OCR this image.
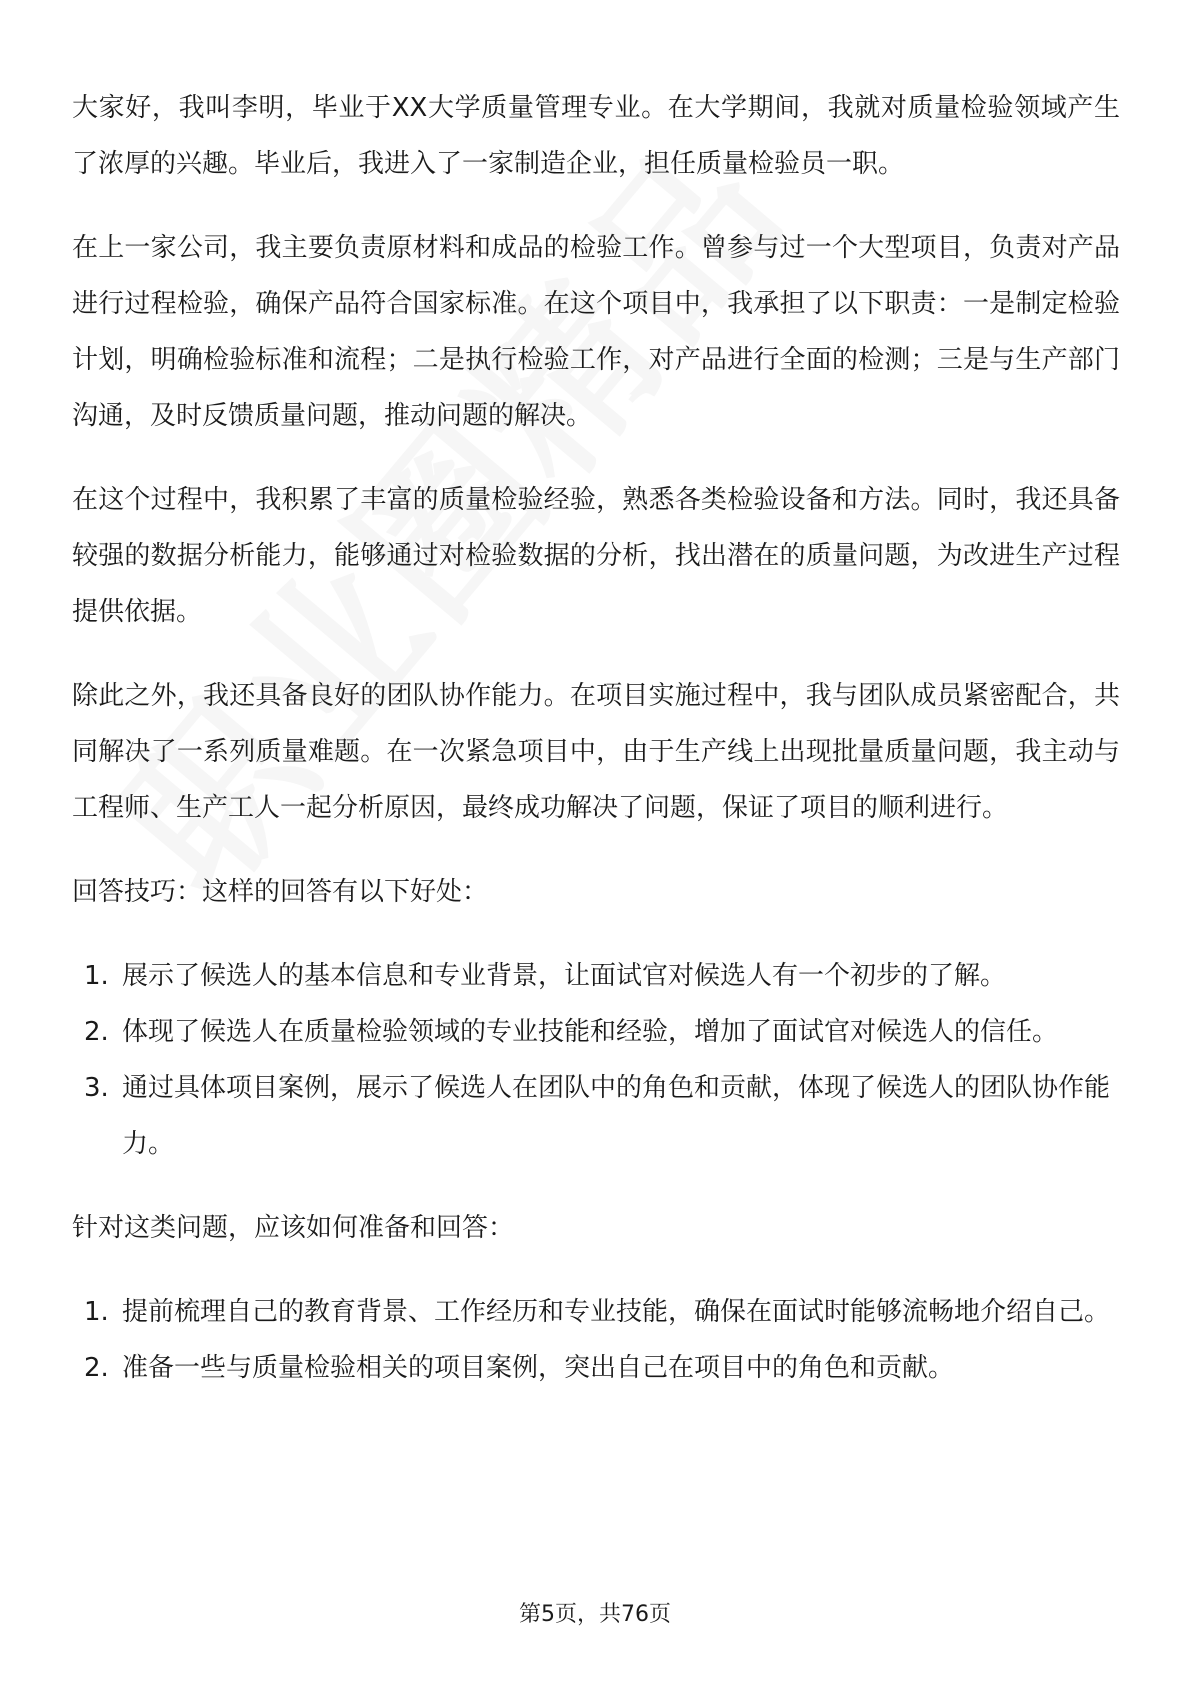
大家好，我叫李明，毕业于XX大学质量管理专业。在大学期间，我就对质量检验领域产生了浓厚的兴趣。毕业后，我进入了一家制造企业，担任质量检验员一职。

在上一家公司，我主要负责原材料和成品的检验工作。曾参与过一个大型项目，负责对产品进行过程检验，确保产品符合国家标准。在这个项目中，我承担了以下职责：一是制定检验计划，明确检验标准和流程；二是执行检验工作，对产品进行全面的检测；三是与生产部门沟通，及时反馈质量问题，推动问题的解决。

在这个过程中，我积累了丰富的质量检验经验，熟悉各类检验设备和方法。同时，我还具备较强的数据分析能力，能够通过对检验数据的分析，找出潜在的质量问题，为改进生产过程提供依据。

除此之外，我还具备良好的团队协作能力。在项目实施过程中，我与团队成员紧密配合，共同解决了一系列质量难题。在一次紧急项目中，由于生产线上出现批量质量问题，我主动与工程师、生产工人一起分析原因，最终成功解决了问题，保证了项目的顺利进行。

回答技巧：这样的回答有以下好处：

1. 展示了候选人的基本信息和专业背景，让面试官对候选人有一个初步的了解。
2. 体现了候选人在质量检验领域的专业技能和经验，增加了面试官对候选人的信任。
3. 通过具体项目案例，展示了候选人在团队中的角色和贡献，体现了候选人的团队协作能力。

针对这类问题，应该如何准备和回答：

1. 提前梳理自己的教育背景、工作经历和专业技能，确保在面试时能够流畅地介绍自己。
2. 准备一些与质量检验相关的项目案例，突出自己在项目中的角色和贡献。
第5页，共76页
